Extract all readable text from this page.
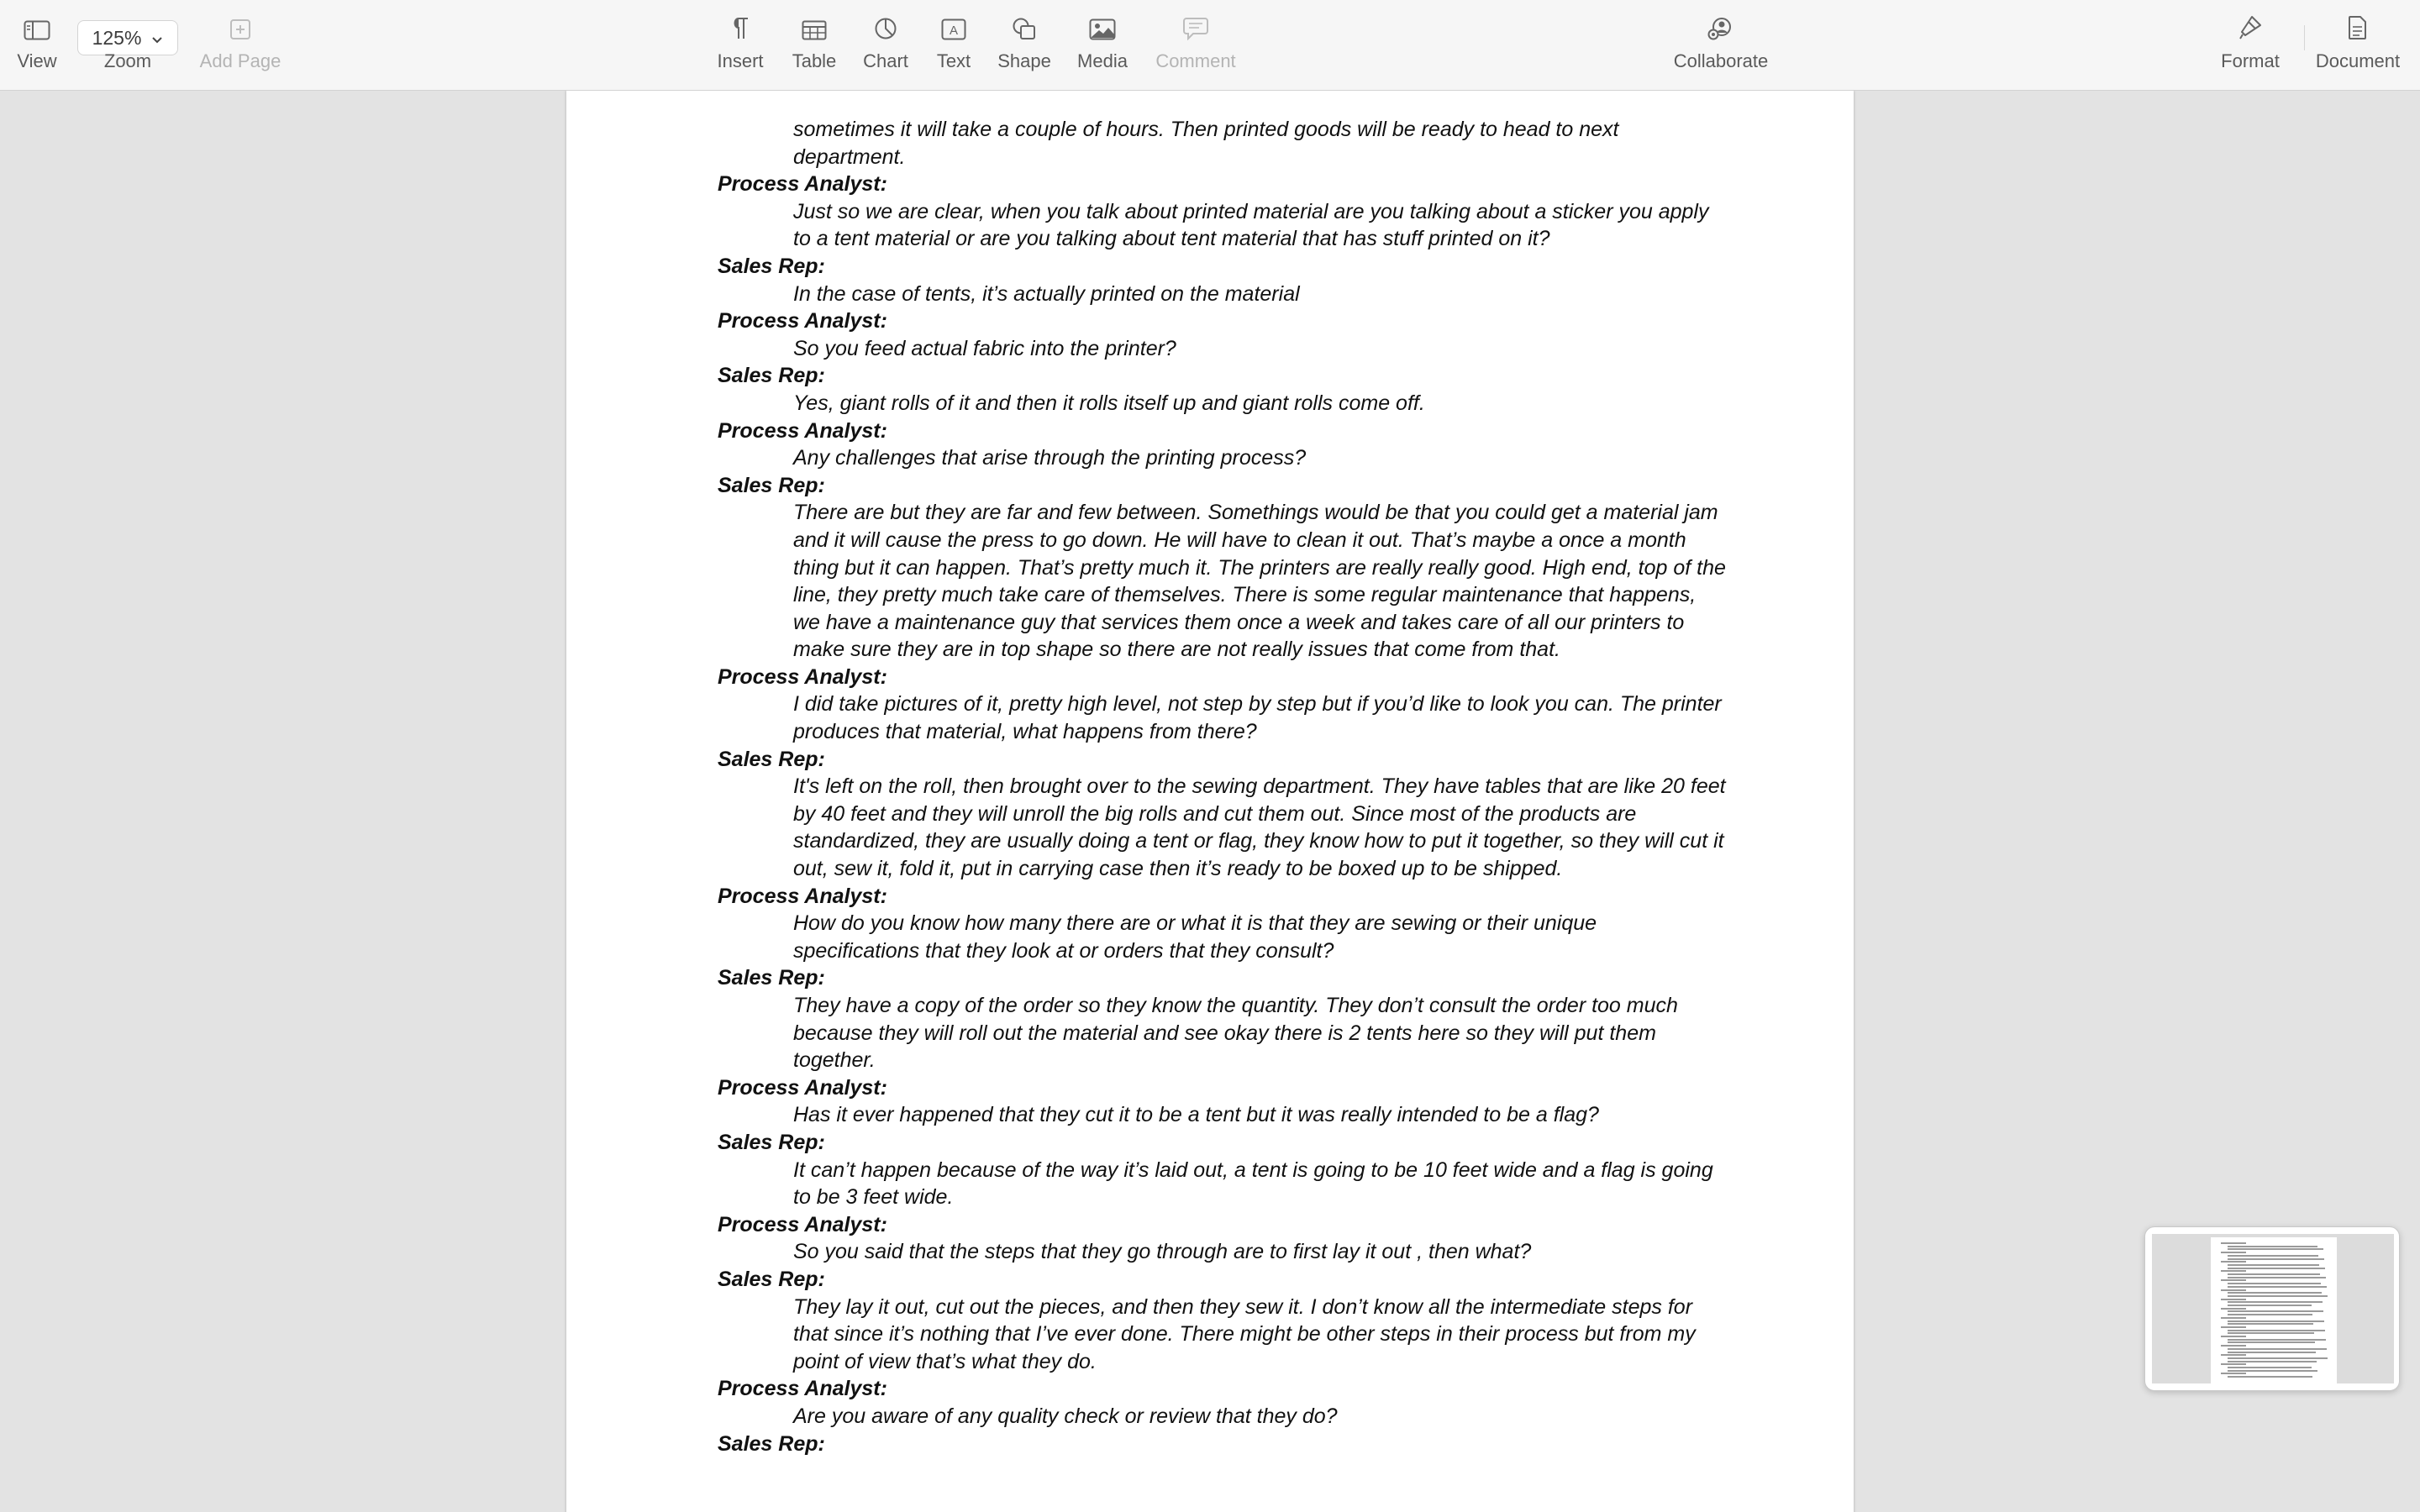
View
125%
Zoom	Add Page	Insert Table Chart
A
Text Shape Media Comment	Collaborate	Format Document

sometimes it will take a couple of hours. Then printed goods will be ready to head to next department.

Process Analyst:

Just so we are clear, when you talk about printed material are you talking about a sticker you apply to a tent material or are you talking about tent material that has stuff printed on it?

Sales Rep:

In the case of tents, it’s actually printed on the material

Process Analyst:

So you feed actual fabric into the printer?

Sales Rep:

Yes, giant rolls of it and then it rolls itself up and giant rolls come off.

Process Analyst:

Any challenges that arise through the printing process?

Sales Rep:

There are but they are far and few between. Somethings would be that you could get a material jam and it will cause the press to go down. He will have to clean it out. That’s maybe a once a month thing but it can happen. That’s pretty much it. The printers are really really good. High end, top of the line, they pretty much take care of themselves. There is some regular maintenance that happens, we have a maintenance guy that services them once a week and takes care of all our printers to make sure they are in top shape so there are not really issues that come from that.

Process Analyst:

I did take pictures of it, pretty high level, not step by step but if you’d like to look you can. The printer produces that material, what happens from there?

Sales Rep:

It's left on the roll, then brought over to the sewing department. They have tables that are like 20 feet by 40 feet and they will unroll the big rolls and cut them out. Since most of the products are standardized, they are usually doing a tent or flag, they know how to put it together, so they will cut it out, sew it, fold it, put in carrying case then it’s ready to be boxed up to be shipped.

Process Analyst:

How do you know how many there are or what it is that they are sewing or their unique specifications that they look at or orders that they consult?

Sales Rep:

They have a copy of the order so they know the quantity. They don’t consult the order too much because they will roll out the material and see okay there is 2 tents here so they will put them together.

Process Analyst:

Has it ever happened that they cut it to be a tent but it was really intended to be a flag?

Sales Rep:

It can’t happen because of the way it’s laid out, a tent is going to be 10 feet wide and a flag is going to be 3 feet wide.

Process Analyst:

So you said that the steps that they go through are to first lay it out , then what?

Sales Rep:

They lay it out, cut out the pieces, and then they sew it. I don’t know all the intermediate steps for that since it’s nothing that I’ve ever done. There might be other steps in their process but from my point of view that’s what they do.

Process Analyst:

Are you aware of any quality check or review that they do?

Sales Rep:
